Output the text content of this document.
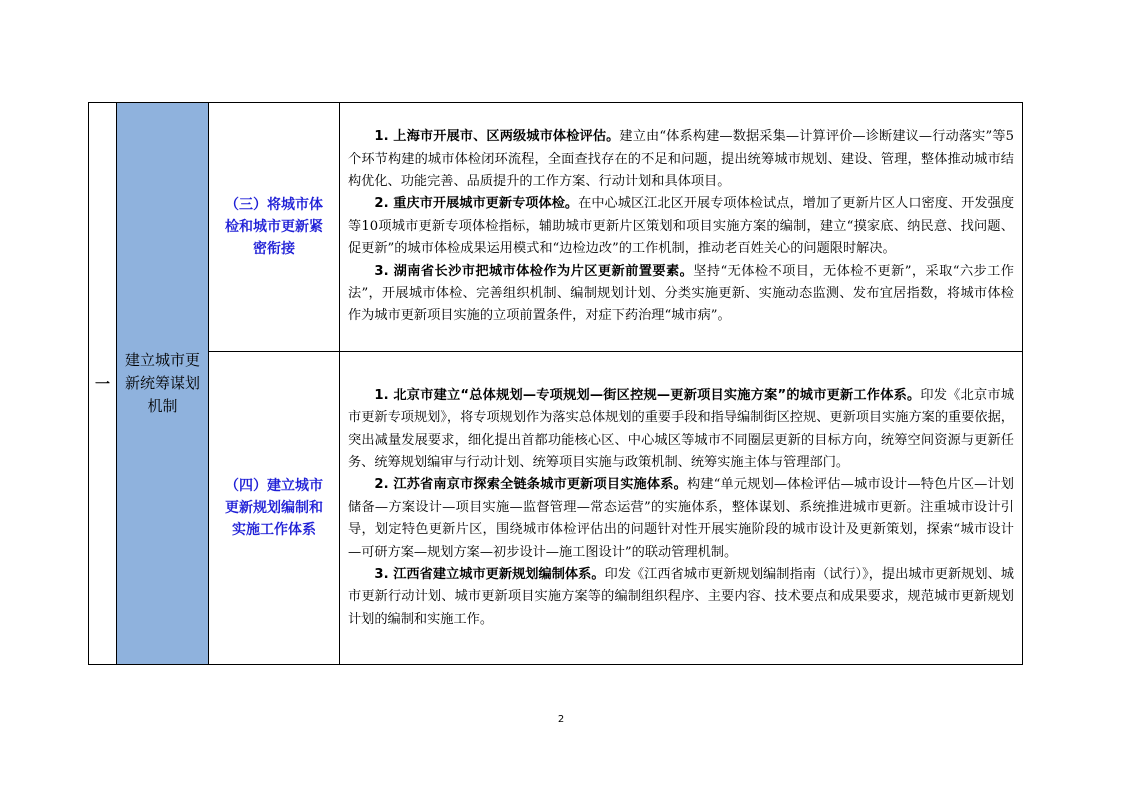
一	建立城市更新统筹谋划机制	（三）将城市体检和城市更新紧密衔接	1. 上海市开展市、区两级城市体检评估。建立由“体系构建—数据采集—计算评价—诊断建议—行动落实”等5个环节构建的城市体检闭环流程，全面查找存在的不足和问题，提出统筹城市规划、建设、管理，整体推动城市结构优化、功能完善、品质提升的工作方案、行动计划和具体项目。

2. 重庆市开展城市更新专项体检。在中心城区江北区开展专项体检试点，增加了更新片区人口密度、开发强度等10项城市更新专项体检指标，辅助城市更新片区策划和项目实施方案的编制，建立“摸家底、纳民意、找问题、促更新”的城市体检成果运用模式和“边检边改”的工作机制，推动老百姓关心的问题限时解决。

3. 湖南省长沙市把城市体检作为片区更新前置要素。坚持“无体检不项目，无体检不更新”，采取“六步工作法”，开展城市体检、完善组织机制、编制规划计划、分类实施更新、实施动态监测、发布宜居指数，将城市体检作为城市更新项目实施的立项前置条件，对症下药治理“城市病”。

		（四）建立城市更新规划编制和实施工作体系	1. 北京市建立“总体规划—专项规划—街区控规—更新项目实施方案”的城市更新工作体系。印发《北京市城市更新专项规划》，将专项规划作为落实总体规划的重要手段和指导编制街区控规、更新项目实施方案的重要依据，突出减量发展要求，细化提出首都功能核心区、中心城区等城市不同圈层更新的目标方向，统筹空间资源与更新任务、统筹规划编审与行动计划、统筹项目实施与政策机制、统筹实施主体与管理部门。

2. 江苏省南京市探索全链条城市更新项目实施体系。构建“单元规划—体检评估—城市设计—特色片区—计划储备—方案设计—项目实施—监督管理—常态运营”的实施体系，整体谋划、系统推进城市更新。注重城市设计引导，划定特色更新片区，围绕城市体检评估出的问题针对性开展实施阶段的城市设计及更新策划，探索“城市设计—可研方案—规划方案—初步设计—施工图设计”的联动管理机制。

3. 江西省建立城市更新规划编制体系。印发《江西省城市更新规划编制指南（试行）》，提出城市更新规划、城市更新行动计划、城市更新项目实施方案等的编制组织程序、主要内容、技术要点和成果要求，规范城市更新规划计划的编制和实施工作。

2
